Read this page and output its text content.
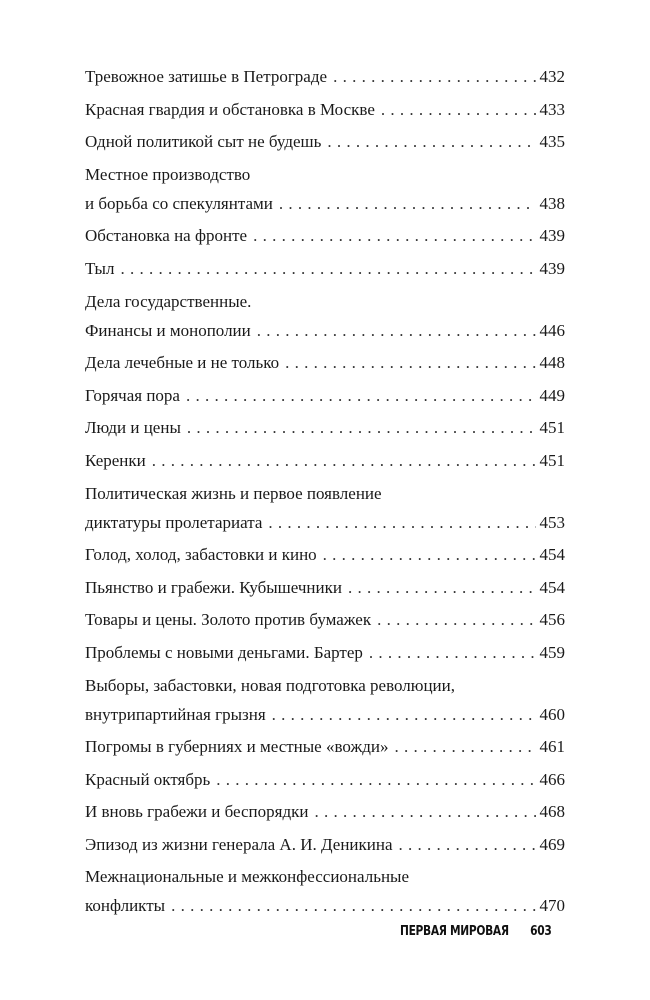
Тревожное затишье в Петрограде . . .	432
Красная гвардия и обстановка в Москве . . .	433
Одной политикой сыт не будешь . . .	435
Местное производство
и борьба со спекулянтами . . .	438
Обстановка на фронте . . .	439
Тыл . . .	439
Дела государственные.
Финансы и монополии . . .	446
Дела лечебные и не только . . .	448
Горячая пора . . .	449
Люди и цены . . .	451
Керенки . . .	451
Политическая жизнь и первое появление
диктатуры пролетариата . . .	453
Голод, холод, забастовки и кино . . .	454
Пьянство и грабежи. Кубышечники . . .	454
Товары и цены. Золото против бумажек . . .	456
Проблемы с новыми деньгами. Бартер . . .	459
Выборы, забастовки, новая подготовка революции,
внутрипартийная грызня . . .	460
Погромы в губерниях и местные «вожди» . . .	461
Красный октябрь . . .	466
И вновь грабежи и беспорядки . . .	468
Эпизод из жизни генерала А. И. Деникина . . .	469
Межнациональные и межконфессиональные
конфликты . . .	470
ПЕРВАЯ МИРОВАЯ 603
